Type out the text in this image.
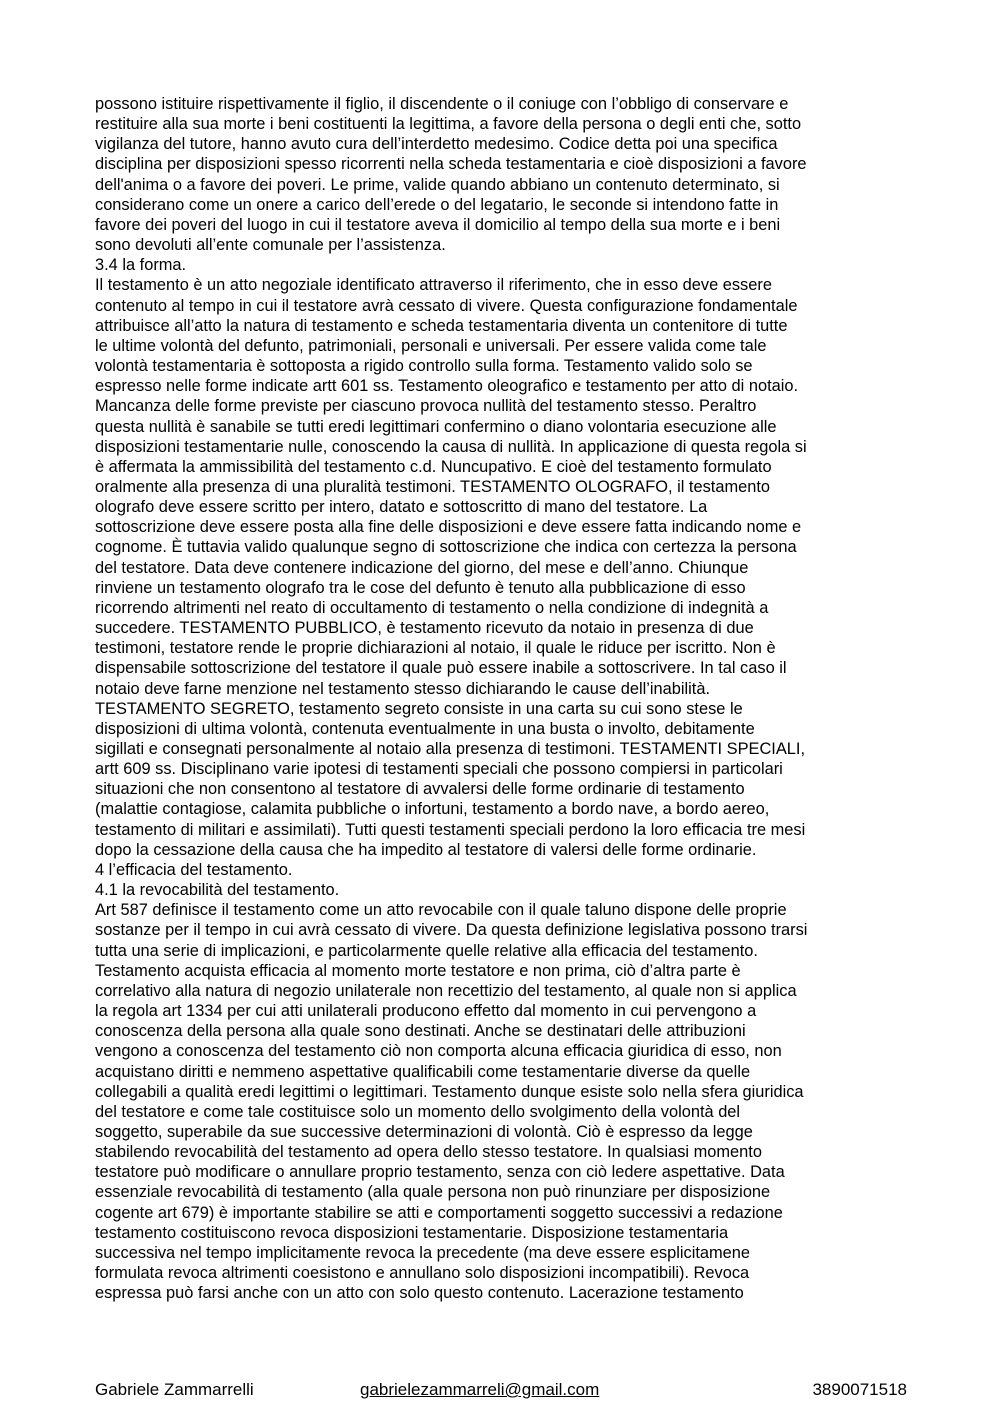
possono istituire rispettivamente il figlio, il discendente o il coniuge con l’obbligo di conservare e
restituire alla sua morte i beni costituenti la legittima, a favore della persona o degli enti che, sotto
vigilanza del tutore, hanno avuto cura dell’interdetto medesimo. Codice detta poi una specifica
disciplina per disposizioni spesso ricorrenti nella scheda testamentaria e cioè disposizioni a favore
dell'anima o a favore dei poveri. Le prime, valide quando abbiano un contenuto determinato, si
considerano come un onere a carico dell’erede o del legatario, le seconde si intendono fatte in
favore dei poveri del luogo in cui il testatore aveva il domicilio al tempo della sua morte e i beni
sono devoluti all’ente comunale per l’assistenza.
3.4 la forma.
Il testamento è un atto negoziale identificato attraverso il riferimento, che in esso deve essere
contenuto al tempo in cui il testatore avrà cessato di vivere. Questa configurazione fondamentale
attribuisce all’atto la natura di testamento e scheda testamentaria diventa un contenitore di tutte
le ultime volontà del defunto, patrimoniali, personali e universali. Per essere valida come tale
volontà testamentaria è sottoposta a rigido controllo sulla forma. Testamento valido solo se
espresso nelle forme indicate artt 601 ss. Testamento oleografico e testamento per atto di notaio.
Mancanza delle forme previste per ciascuno provoca nullità del testamento stesso. Peraltro
questa nullità è sanabile se tutti eredi legittimari confermino o diano volontaria esecuzione alle
disposizioni testamentarie nulle, conoscendo la causa di nullità. In applicazione di questa regola si
è affermata la ammissibilità del testamento c.d. Nuncupativo. E cioè del testamento formulato
oralmente alla presenza di una pluralità testimoni. TESTAMENTO OLOGRAFO, il testamento
olografo deve essere scritto per intero, datato e sottoscritto di mano del testatore. La
sottoscrizione deve essere posta alla fine delle disposizioni e deve essere fatta indicando nome e
cognome. È tuttavia valido qualunque segno di sottoscrizione che indica con certezza la persona
del testatore. Data deve contenere indicazione del giorno, del mese e dell’anno. Chiunque
rinviene un testamento olografo tra le cose del defunto è tenuto alla pubblicazione di esso
ricorrendo altrimenti nel reato di occultamento di testamento o nella condizione di indegnità a
succedere. TESTAMENTO PUBBLICO, è testamento ricevuto da notaio in presenza di due
testimoni, testatore rende le proprie dichiarazioni al notaio, il quale le riduce per iscritto. Non è
dispensabile sottoscrizione del testatore il quale può essere inabile a sottoscrivere. In tal caso il
notaio deve farne menzione nel testamento stesso dichiarando le cause dell’inabilità.
TESTAMENTO SEGRETO, testamento segreto consiste in una carta su cui sono stese le
disposizioni di ultima volontà, contenuta eventualmente in una busta o involto, debitamente
sigillati e consegnati personalmente al notaio alla presenza di testimoni. TESTAMENTI SPECIALI,
artt 609 ss. Disciplinano varie ipotesi di testamenti speciali che possono compiersi in particolari
situazioni che non consentono al testatore di avvalersi delle forme ordinarie di testamento
(malattie contagiose, calamita pubbliche o infortuni, testamento a bordo nave, a bordo aereo,
testamento di militari e assimilati). Tutti questi testamenti speciali perdono la loro efficacia tre mesi
dopo la cessazione della causa che ha impedito al testatore di valersi delle forme ordinarie.
4 l’efficacia del testamento.
4.1 la revocabilità del testamento.
Art 587 definisce il testamento come un atto revocabile con il quale taluno dispone delle proprie
sostanze per il tempo in cui avrà cessato di vivere. Da questa definizione legislativa possono trarsi
tutta una serie di implicazioni, e particolarmente quelle relative alla efficacia del testamento.
Testamento acquista efficacia al momento morte testatore e non prima, ciò d’altra parte è
correlativo alla natura di negozio unilaterale non recettizio del testamento, al quale non si applica
la regola art 1334 per cui atti unilaterali producono effetto dal momento in cui pervengono a
conoscenza della persona alla quale sono destinati. Anche se destinatari delle attribuzioni
vengono a conoscenza del testamento ciò non comporta alcuna efficacia giuridica di esso, non
acquistano diritti e nemmeno aspettative qualificabili come testamentarie diverse da quelle
collegabili a qualità eredi legittimi o legittimari. Testamento dunque esiste solo nella sfera giuridica
del testatore e come tale costituisce solo un momento dello svolgimento della volontà del
soggetto, superabile da sue successive determinazioni di volontà. Ciò è espresso da legge
stabilendo revocabilità del testamento ad opera dello stesso testatore. In qualsiasi momento
testatore può modificare o annullare proprio testamento, senza con ciò ledere aspettative. Data
essenziale revocabilità di testamento (alla quale persona non può rinunziare per disposizione
cogente art 679) è importante stabilire se atti e comportamenti soggetto successivi a redazione
testamento costituiscono revoca disposizioni testamentarie. Disposizione testamentaria
successiva nel tempo implicitamente revoca la precedente (ma deve essere esplicitamene
formulata revoca altrimenti coesistono e annullano solo disposizioni incompatibili). Revoca
espressa può farsi anche con un atto con solo questo contenuto. Lacerazione testamento
Gabriele Zammarrelli	gabrielezammarreli@gmail.com	3890071518
